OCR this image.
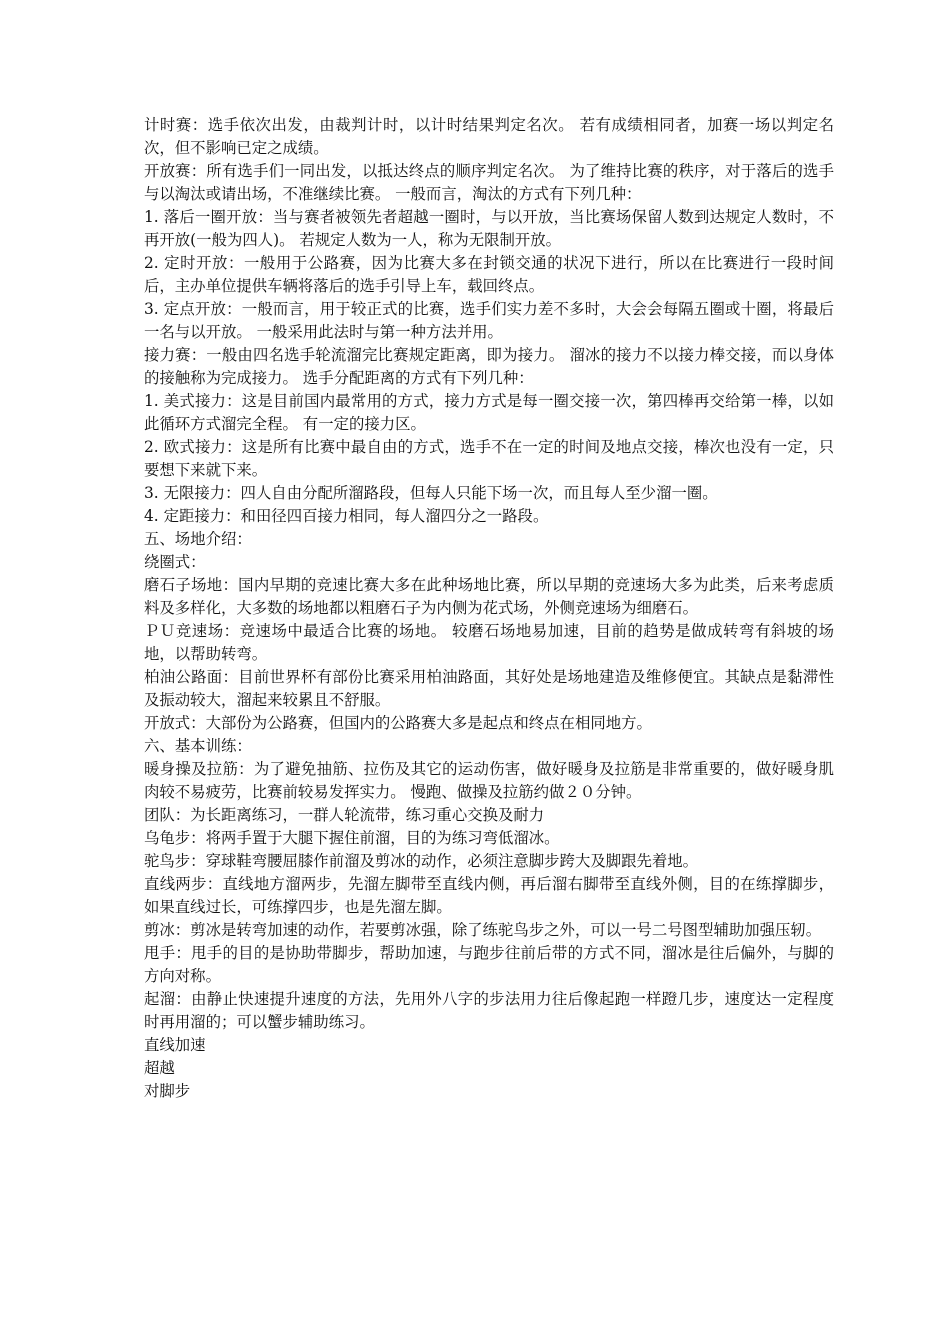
计时赛：选手依次出发，由裁判计时，以计时结果判定名次。 若有成绩相同者，加赛一场以判定名次，但不影响已定之成绩。

开放赛：所有选手们一同出发，以抵达终点的顺序判定名次。 为了维持比赛的秩序，对于落后的选手与以淘汰或请出场，不准继续比赛。 一般而言，淘汰的方式有下列几种：

1. 落后一圈开放：当与赛者被领先者超越一圈时，与以开放，当比赛场保留人数到达规定人数时，不再开放(一般为四人)。 若规定人数为一人，称为无限制开放。

2. 定时开放：一般用于公路赛，因为比赛大多在封锁交通的状况下进行，所以在比赛进行一段时间后，主办单位提供车辆将落后的选手引导上车，载回终点。

3. 定点开放：一般而言，用于较正式的比赛，选手们实力差不多时，大会会每隔五圈或十圈，将最后一名与以开放。 一般采用此法时与第一种方法并用。

接力赛：一般由四名选手轮流溜完比赛规定距离，即为接力。 溜冰的接力不以接力棒交接，而以身体的接触称为完成接力。 选手分配距离的方式有下列几种：

1. 美式接力：这是目前国内最常用的方式，接力方式是每一圈交接一次，第四棒再交给第一棒，以如此循环方式溜完全程。 有一定的接力区。

2. 欧式接力：这是所有比赛中最自由的方式，选手不在一定的时间及地点交接，棒次也没有一定，只要想下来就下来。

3. 无限接力：四人自由分配所溜路段，但每人只能下场一次，而且每人至少溜一圈。

4. 定距接力：和田径四百接力相同，每人溜四分之一路段。

五、场地介绍：

绕圈式：

磨石子场地：国内早期的竞速比赛大多在此种场地比赛，所以早期的竞速场大多为此类，后来考虑质料及多样化，大多数的场地都以粗磨石子为内侧为花式场，外侧竞速场为细磨石。

ＰＵ竞速场：竞速场中最适合比赛的场地。 较磨石场地易加速，目前的趋势是做成转弯有斜坡的场地，以帮助转弯。

柏油公路面：目前世界杯有部份比赛采用柏油路面，其好处是场地建造及维修便宜。其缺点是黏滞性及振动较大，溜起来较累且不舒服。

开放式：大部份为公路赛，但国内的公路赛大多是起点和终点在相同地方。

六、基本训练：

暖身操及拉筋：为了避免抽筋、拉伤及其它的运动伤害，做好暖身及拉筋是非常重要的，做好暖身肌肉较不易疲劳，比赛前较易发挥实力。 慢跑、做操及拉筋约做２０分钟。

团队：为长距离练习，一群人轮流带，练习重心交换及耐力

乌龟步：将两手置于大腿下握住前溜，目的为练习弯低溜冰。

驼鸟步：穿球鞋弯腰屈膝作前溜及剪冰的动作，必须注意脚步跨大及脚跟先着地。

直线两步：直线地方溜两步，先溜左脚带至直线内侧，再后溜右脚带至直线外侧，目的在练撑脚步，如果直线过长，可练撑四步，也是先溜左脚。

剪冰：剪冰是转弯加速的动作，若要剪冰强，除了练驼鸟步之外，可以一号二号图型辅助加强压轫。

甩手：甩手的目的是协助带脚步，帮助加速，与跑步往前后带的方式不同，溜冰是往后偏外，与脚的方向对称。

起溜：由静止快速提升速度的方法，先用外八字的步法用力往后像起跑一样蹬几步，速度达一定程度时再用溜的；可以蟹步辅助练习。

直线加速

超越

对脚步
